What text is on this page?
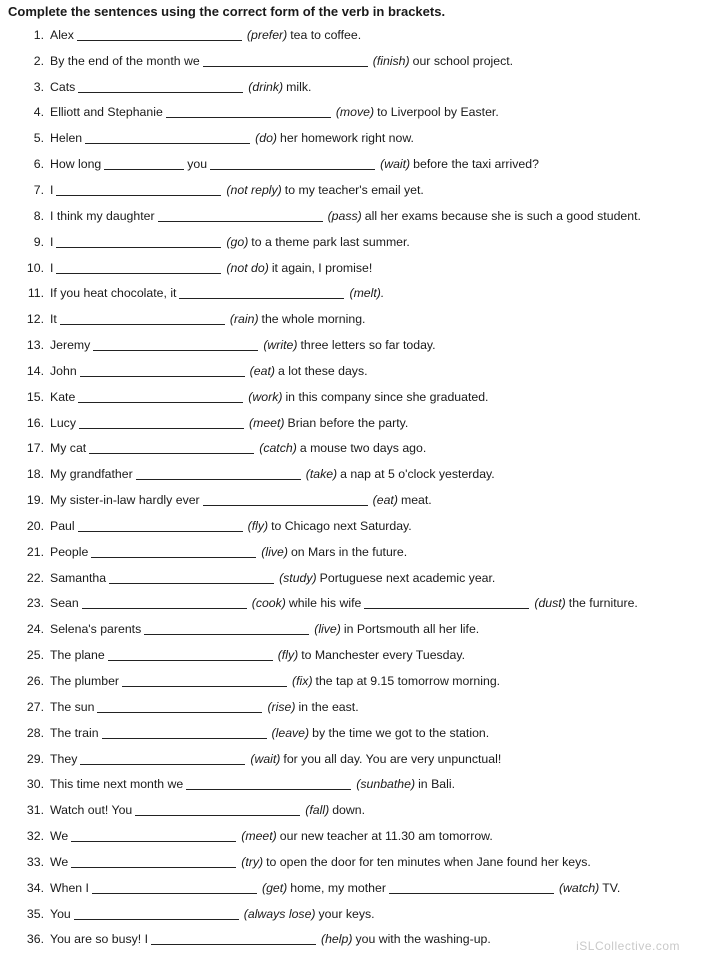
Complete the sentences using the correct form of the verb in brackets.
1. Alex	(prefer) tea to coffee.
2. By the end of the month we	(finish) our school project.
3. Cats	(drink) milk.
4. Elliott and Stephanie	(move) to Liverpool by Easter.
5. Helen	(do) her homework right now.
6. How long	you	(wait) before the taxi arrived?
7. I	(not reply) to my teacher's email yet.
8. I think my daughter	(pass) all her exams because she is such a good student.
9. I	(go) to a theme park last summer.
10. I	(not do) it again, I promise!
11. If you heat chocolate, it	(melt).
12. It	(rain) the whole morning.
13. Jeremy	(write) three letters so far today.
14. John	(eat) a lot these days.
15. Kate	(work) in this company since she graduated.
16. Lucy	(meet) Brian before the party.
17. My cat	(catch) a mouse two days ago.
18. My grandfather	(take) a nap at 5 o'clock yesterday.
19. My sister-in-law hardly ever	(eat) meat.
20. Paul	(fly) to Chicago next Saturday.
21. People	(live) on Mars in the future.
22. Samantha	(study) Portuguese next academic year.
23. Sean	(cook) while his wife	(dust) the furniture.
24. Selena's parents	(live) in Portsmouth all her life.
25. The plane	(fly) to Manchester every Tuesday.
26. The plumber	(fix) the tap at 9.15 tomorrow morning.
27. The sun	(rise) in the east.
28. The train	(leave) by the time we got to the station.
29. They	(wait) for you all day. You are very unpunctual!
30. This time next month we	(sunbathe) in Bali.
31. Watch out! You	(fall) down.
32. We	(meet) our new teacher at 11.30 am tomorrow.
33. We	(try) to open the door for ten minutes when Jane found her keys.
34. When I	(get) home, my mother	(watch) TV.
35. You	(always lose) your keys.
36. You are so busy! I	(help) you with the washing-up.	iSLCollective.com
